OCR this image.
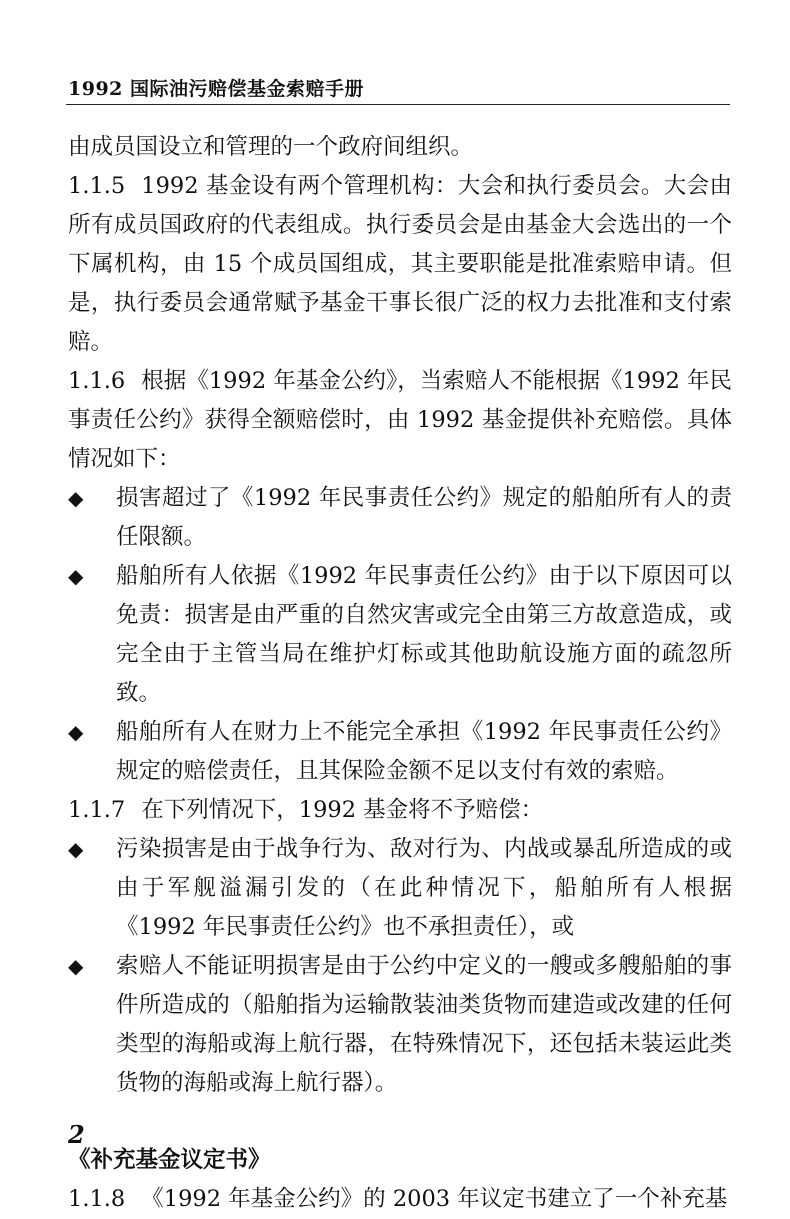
1992 国际油污赔偿基金索赔手册

由成员国设立和管理的一个政府间组织。

1.1.5 1992 基金设有两个管理机构：大会和执行委员会。大会由所有成员国政府的代表组成。执行委员会是由基金大会选出的一个下属机构，由 15 个成员国组成，其主要职能是批准索赔申请。但是，执行委员会通常赋予基金干事长很广泛的权力去批准和支付索赔。

1.1.6 根据《1992 年基金公约》，当索赔人不能根据《1992 年民事责任公约》获得全额赔偿时，由 1992 基金提供补充赔偿。具体情况如下：

◆ 损害超过了《1992 年民事责任公约》规定的船舶所有人的责任限额。

◆ 船舶所有人依据《1992 年民事责任公约》由于以下原因可以免责：损害是由严重的自然灾害或完全由第三方故意造成，或完全由于主管当局在维护灯标或其他助航设施方面的疏忽所致。

◆ 船舶所有人在财力上不能完全承担《1992 年民事责任公约》规定的赔偿责任，且其保险金额不足以支付有效的索赔。

1.1.7 在下列情况下，1992 基金将不予赔偿：

◆ 污染损害是由于战争行为、敌对行为、内战或暴乱所造成的或由于军舰溢漏引发的（在此种情况下，船舶所有人根据《1992 年民事责任公约》也不承担责任），或

◆ 索赔人不能证明损害是由于公约中定义的一艘或多艘船舶的事件所造成的（船舶指为运输散装油类货物而建造或改建的任何类型的海船或海上航行器，在特殊情况下，还包括未装运此类货物的海船或海上航行器）。

《补充基金议定书》

1.1.8 《1992 年基金公约》的 2003 年议定书建立了一个补充基

2
